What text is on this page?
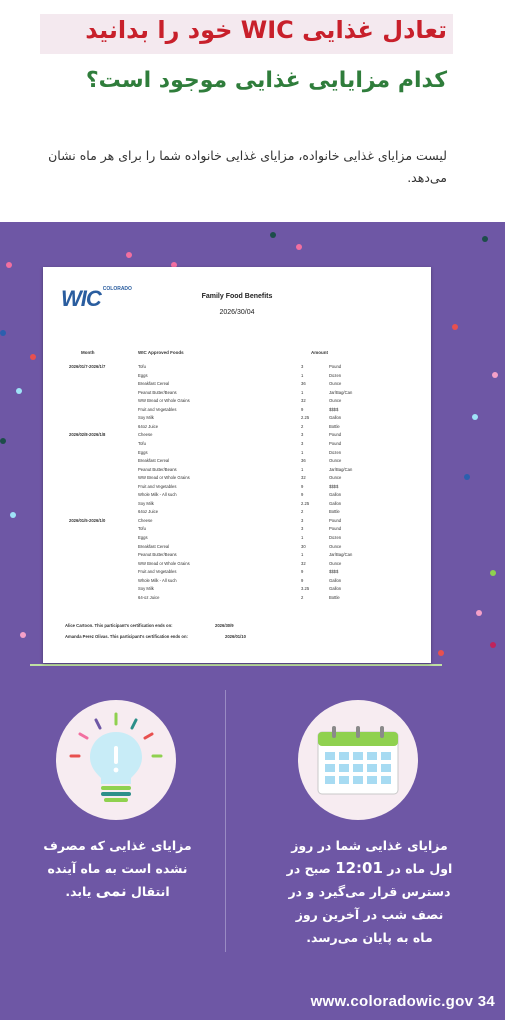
تعادل غذایی WIC خود را بدانید
کدام مزایایی غذایی موجود است؟
لیست مزایای غذایی خانواده، مزایای غذایی خانواده شما را برای هر ماه نشان می‌دهد.
WIC $^{COLORADO}$
Family Food Benefits
2026/30/04
Month	WIC Approved Foods	Amount
2026/01/7-2026/1/7	Tofu	3	Pound
Eggs	1	Dozen
Breakfast Cereal	36	Ounce
Peanut Butter/Beans	1	Jar/Bag/Can
WW Bread or Whole Grains	32	Ounce
Fruit and Vegetables	9	$$$$
Soy Milk	2.25	Gallon
64oz Juice	2	Bottle
2026/02/8-2026/1/8	Cheese	3	Pound
Tofu	3	Pound
Eggs	1	Dozen
Breakfast Cereal	36	Ounce
Peanut Butter/Beans	1	Jar/Bag/Can
WW Bread or Whole Grains	32	Ounce
Fruit and Vegetables	9	$$$$
Whole Milk - All such	9	Gallon
Soy Milk	2.25	Gallon
64oz Juice	2	Bottle
2026/01/5-2026/1/0	Cheese	3	Pound
Tofu	3	Pound
Eggs	1	Dozen
Breakfast Cereal	30	Ounce
Peanut Butter/Beans	1	Jar/Bag/Can
WW Bread or Whole Grains	32	Ounce
Fruit and Vegetables	9	$$$$
Whole Milk - All such	9	Gallon
Soy Milk	3.25	Gallon
64-oz Juice	2	Bottle
Alice Cartoon. This participant's certification ends on:	2026/30/9
Amanda Perez Olivas. This participant's certification ends on:	2026/01/10
مزایای غذایی که مصرف
نشده است به ماه آینده
انتقال نمی یابد.
مزایای غذایی شما در روز
اول ماه در 12:01 صبح در
دسترس قرار می‌گیرد و در
نصف شب در آخرین روز
ماه به پایان می‌رسد.
www.coloradowic.gov 34
